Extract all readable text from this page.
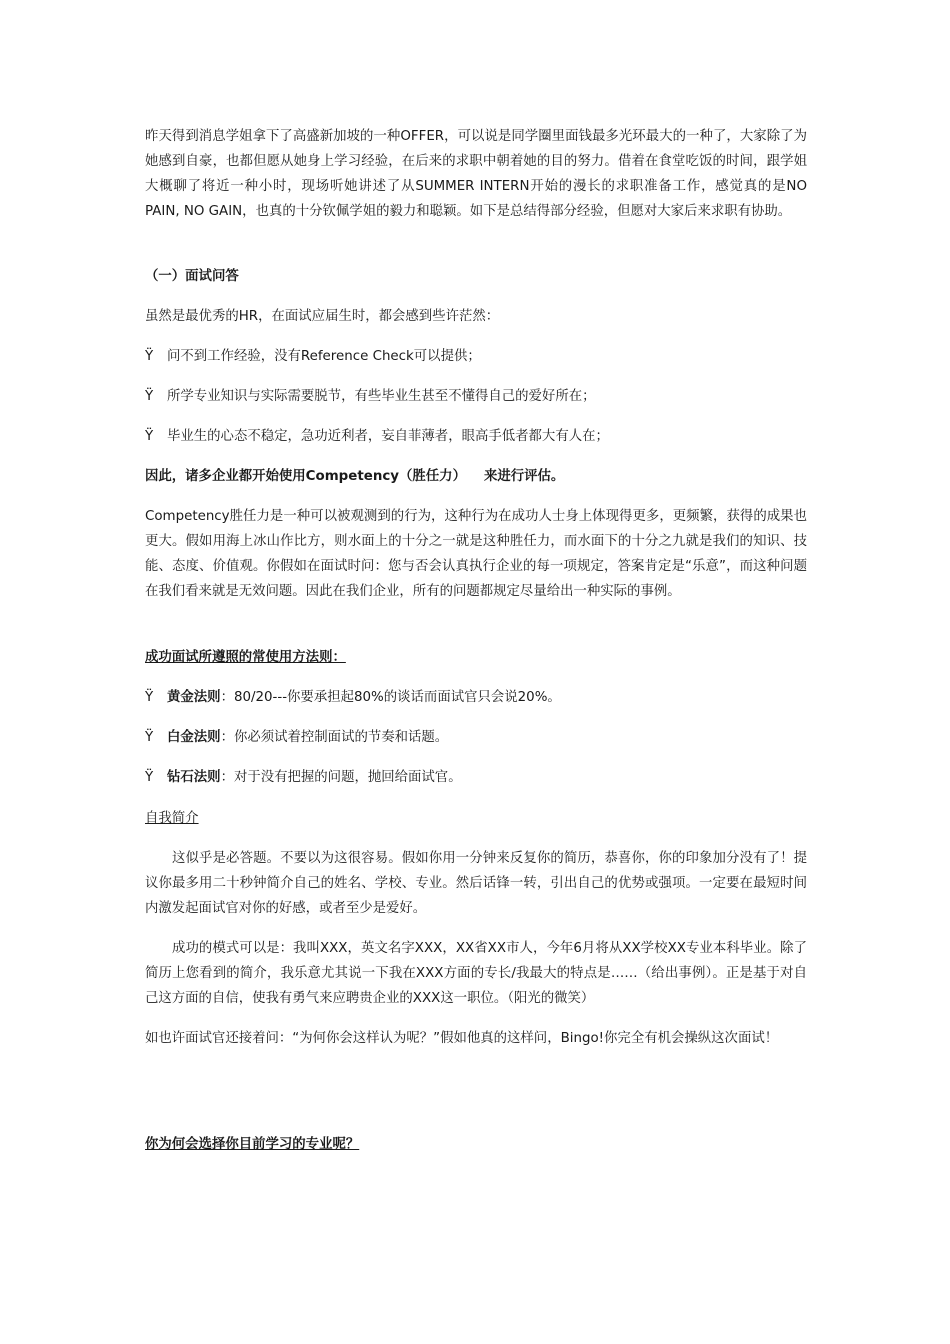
昨天得到消息学姐拿下了高盛新加坡的一种OFFER，可以说是同学圈里面钱最多光环最大的一种了，大家除了为她感到自豪，也都但愿从她身上学习经验，在后来的求职中朝着她的目的努力。借着在食堂吃饭的时间，跟学姐大概聊了将近一种小时，现场听她讲述了从SUMMER INTERN开始的漫长的求职准备工作，感觉真的是NO PAIN, NO GAIN，也真的十分钦佩学姐的毅力和聪颖。如下是总结得部分经验，但愿对大家后来求职有协助。

（一）面试问答

虽然是最优秀的HR，在面试应届生时，都会感到些许茫然：

Ÿ 问不到工作经验，没有Reference Check可以提供；
Ÿ 所学专业知识与实际需要脱节，有些毕业生甚至不懂得自己的爱好所在；
Ÿ 毕业生的心态不稳定，急功近利者，妄自菲薄者，眼高手低者都大有人在；

因此，诸多企业都开始使用Competency（胜任力） 来进行评估。

Competency胜任力是一种可以被观测到的行为，这种行为在成功人士身上体现得更多，更频繁，获得的成果也更大。假如用海上冰山作比方，则水面上的十分之一就是这种胜任力，而水面下的十分之九就是我们的知识、技能、态度、价值观。你假如在面试时问：您与否会认真执行企业的每一项规定，答案肯定是“乐意”，而这种问题在我们看来就是无效问题。因此在我们企业，所有的问题都规定尽量给出一种实际的事例。

成功面试所遵照的常使用方法则：

Ÿ 黄金法则：80/20---你要承担起80%的谈话而面试官只会说20%。
Ÿ 白金法则：你必须试着控制面试的节奏和话题。
Ÿ 钻石法则：对于没有把握的问题，抛回给面试官。

自我简介

这似乎是必答题。不要以为这很容易。假如你用一分钟来反复你的简历，恭喜你，你的印象加分没有了！提议你最多用二十秒钟简介自己的姓名、学校、专业。然后话锋一转，引出自己的优势或强项。一定要在最短时间内激发起面试官对你的好感，或者至少是爱好。

成功的模式可以是：我叫XXX，英文名字XXX，XX省XX市人，今年6月将从XX学校XX专业本科毕业。除了简历上您看到的简介，我乐意尤其说一下我在XXX方面的专长/我最大的特点是……（给出事例）。正是基于对自己这方面的自信，使我有勇气来应聘贵企业的XXX这一职位。（阳光的微笑）

如也许面试官还接着问：“为何你会这样认为呢？”假如他真的这样问，Bingo!你完全有机会操纵这次面试！

你为何会选择你目前学习的专业呢？
